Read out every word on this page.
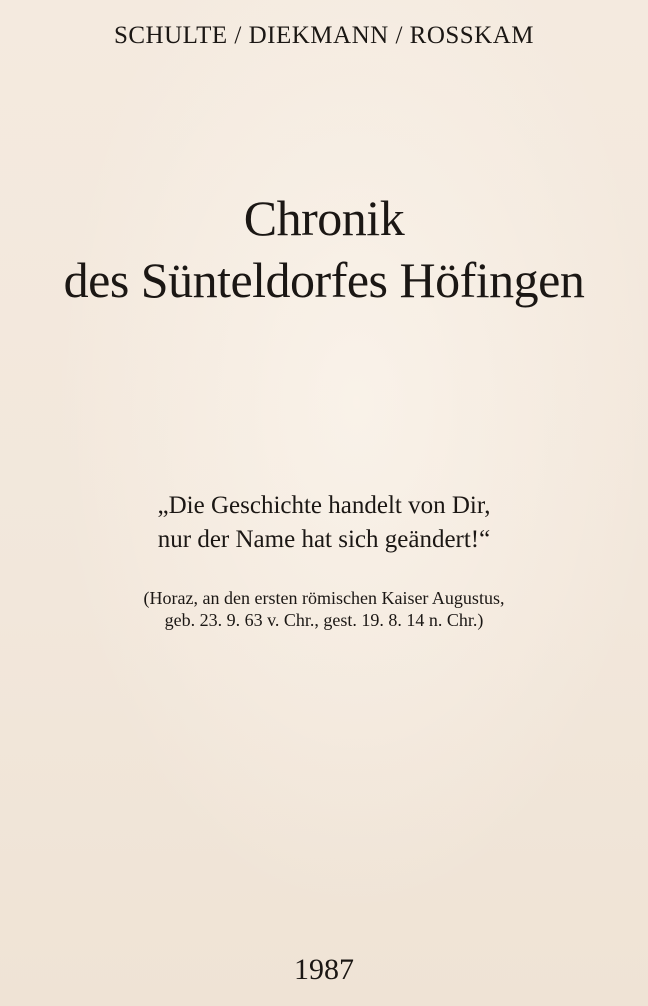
SCHULTE / DIEKMANN / ROSSKAM
Chronik
des Sünteldorfes Höfingen
„Die Geschichte handelt von Dir,
nur der Name hat sich geändert!“
(Horaz, an den ersten römischen Kaiser Augustus,
geb. 23. 9. 63 v. Chr., gest. 19. 8. 14 n. Chr.)
1987
